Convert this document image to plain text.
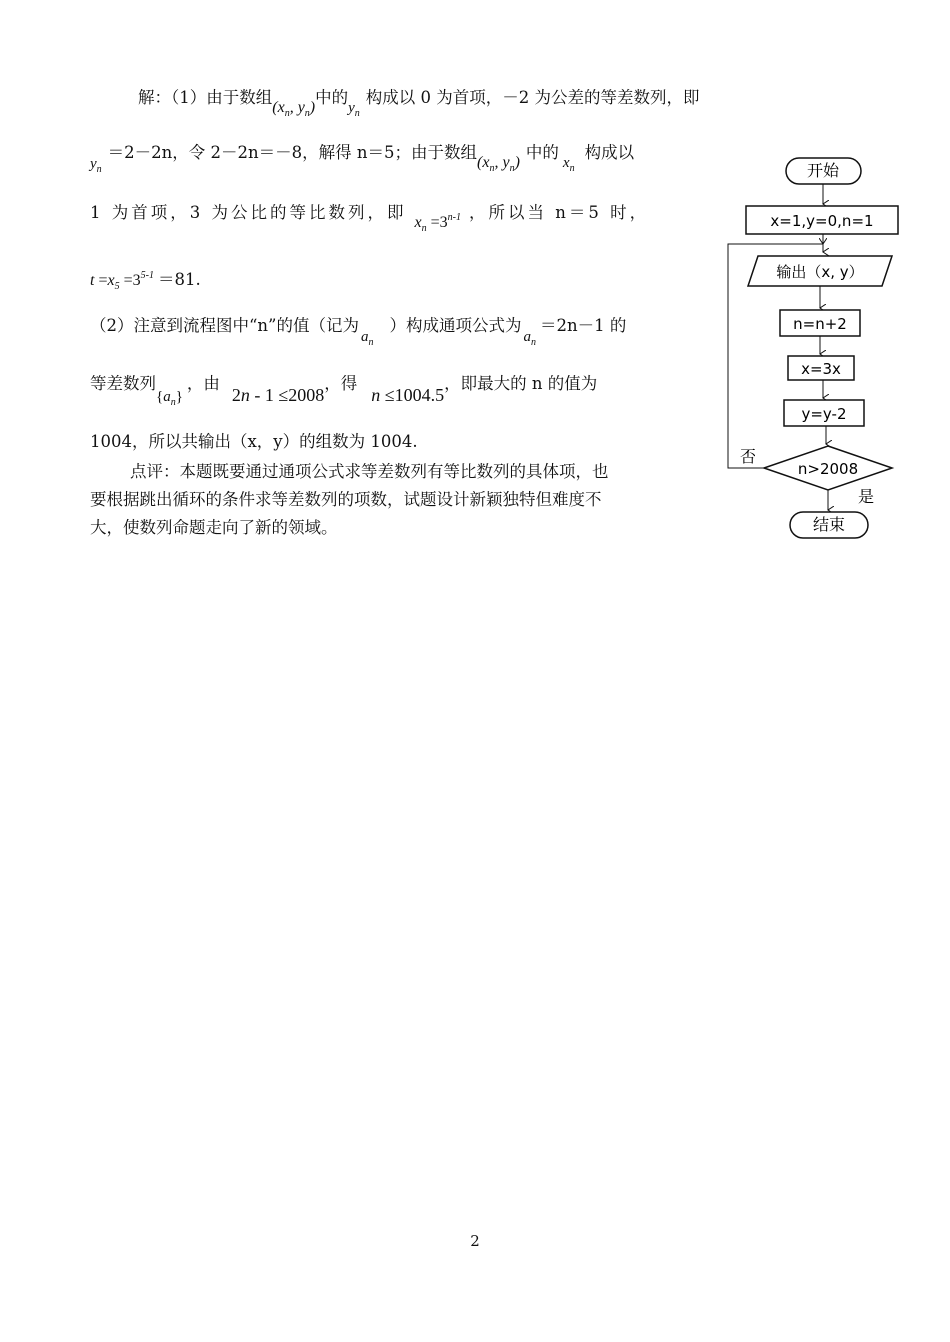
解：（1）由于数组($x_n$, $y_n$)中的$y_n$构成以 0 为首项，－2 为公差的等差数列，即
$y_n=2-2n$，令 2－2n＝－8，解得 n＝5；由于数组($x_n$, $y_n$)中的$x_n$构成以
1 为首项，3 为公比的等比数列，即$x_n =3^{n-1}$ ，所以当 n＝5 时，
$t =x_5 =3^{5-1} =81$.
（2）注意到流程图中“n”的值（记为$a_n$）构成通项公式为$a_n=2n-1$ 的
等差数列$\{a_n\}$，由2n - 1 ≤2008，得n ≤1004.5，即最大的 n 的值为
1004，所以共输出（x，y）的组数为 1004.
点评：本题既要通过通项公式求等差数列有等比数列的具体项，也
要根据跳出循环的条件求等差数列的项数，试题设计新颖独特但难度不
大，使数列命题走向了新的领域。
开始
x=1,y=0,n=1
输出（x, y）
n=n+2
x=3x
y=y-2
n>2008
否
是
结束
2
